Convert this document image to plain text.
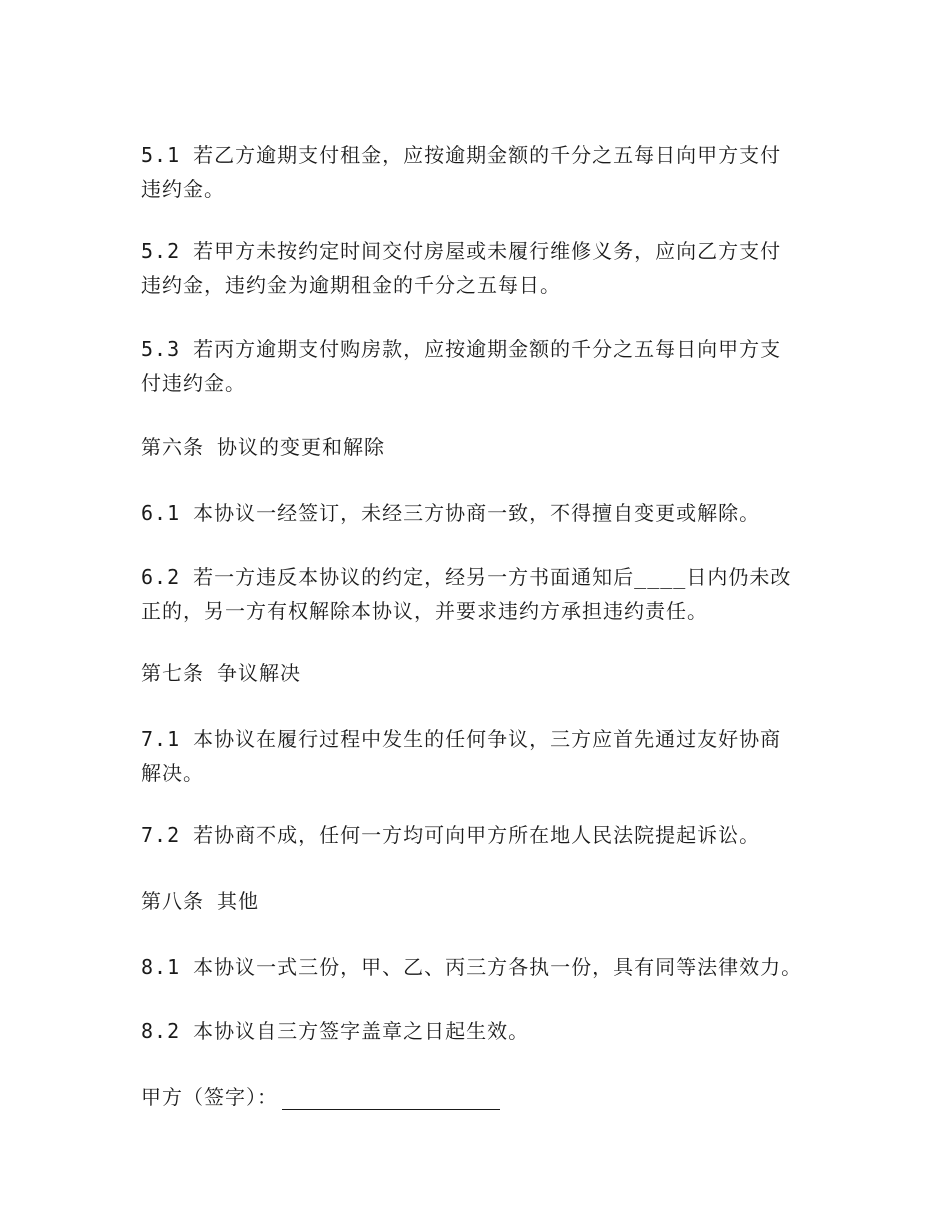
5.1 若乙方逾期支付租金，应按逾期金额的千分之五每日向甲方支付
违约金。
5.2 若甲方未按约定时间交付房屋或未履行维修义务，应向乙方支付
违约金，违约金为逾期租金的千分之五每日。
5.3 若丙方逾期支付购房款，应按逾期金额的千分之五每日向甲方支
付违约金。
第六条 协议的变更和解除
6.1 本协议一经签订，未经三方协商一致，不得擅自变更或解除。
6.2 若一方违反本协议的约定，经另一方书面通知后____日内仍未改
正的，另一方有权解除本协议，并要求违约方承担违约责任。
第七条 争议解决
7.1 本协议在履行过程中发生的任何争议，三方应首先通过友好协商
解决。
7.2 若协商不成，任何一方均可向甲方所在地人民法院提起诉讼。
第八条 其他
8.1 本协议一式三份，甲、乙、丙三方各执一份，具有同等法律效力。
8.2 本协议自三方签字盖章之日起生效。
甲方（签字）：
